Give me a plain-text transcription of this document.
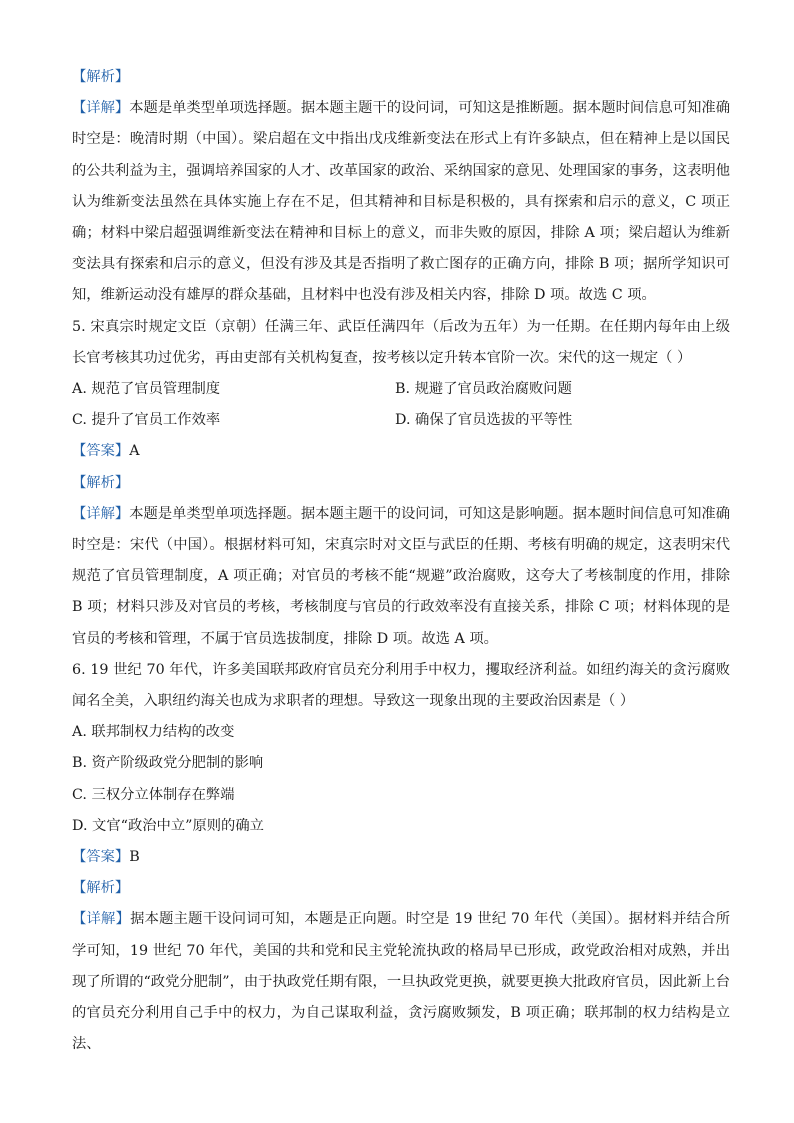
【解析】

【详解】本题是单类型单项选择题。据本题主题干的设问词，可知这是推断题。据本题时间信息可知准确时空是：晚清时期（中国）。梁启超在文中指出戊戌维新变法在形式上有许多缺点，但在精神上是以国民的公共利益为主，强调培养国家的人才、改革国家的政治、采纳国家的意见、处理国家的事务，这表明他认为维新变法虽然在具体实施上存在不足，但其精神和目标是积极的，具有探索和启示的意义，C 项正确；材料中梁启超强调维新变法在精神和目标上的意义，而非失败的原因，排除 A 项；梁启超认为维新变法具有探索和启示的意义，但没有涉及其是否指明了救亡图存的正确方向，排除 B 项；据所学知识可知，维新运动没有雄厚的群众基础，且材料中也没有涉及相关内容，排除 D 项。故选 C 项。

5. 宋真宗时规定文臣（京朝）任满三年、武臣任满四年（后改为五年）为一任期。在任期内每年由上级长官考核其功过优劣，再由吏部有关机构复查，按考核以定升转本官阶一次。宋代的这一规定（ ）

A. 规范了官员管理制度	B. 规避了官员政治腐败问题
C. 提升了官员工作效率	D. 确保了官员选拔的平等性

【答案】A

【解析】

【详解】本题是单类型单项选择题。据本题主题干的设问词，可知这是影响题。据本题时间信息可知准确时空是：宋代（中国）。根据材料可知，宋真宗时对文臣与武臣的任期、考核有明确的规定，这表明宋代规范了官员管理制度，A 项正确；对官员的考核不能“规避”政治腐败，这夸大了考核制度的作用，排除 B 项；材料只涉及对官员的考核，考核制度与官员的行政效率没有直接关系，排除 C 项；材料体现的是官员的考核和管理，不属于官员选拔制度，排除 D 项。故选 A 项。

6. 19 世纪 70 年代，许多美国联邦政府官员充分利用手中权力，攫取经济利益。如纽约海关的贪污腐败闻名全美，入职纽约海关也成为求职者的理想。导致这一现象出现的主要政治因素是（ ）

A. 联邦制权力结构的改变

B. 资产阶级政党分肥制的影响

C. 三权分立体制存在弊端

D. 文官“政治中立”原则的确立

【答案】B

【解析】

【详解】据本题主题干设问词可知，本题是正向题。时空是 19 世纪 70 年代（美国）。据材料并结合所学可知，19 世纪 70 年代，美国的共和党和民主党轮流执政的格局早已形成，政党政治相对成熟，并出现了所谓的“政党分肥制”，由于执政党任期有限，一旦执政党更换，就要更换大批政府官员，因此新上台的官员充分利用自己手中的权力，为自己谋取利益，贪污腐败频发，B 项正确；联邦制的权力结构是立法、
